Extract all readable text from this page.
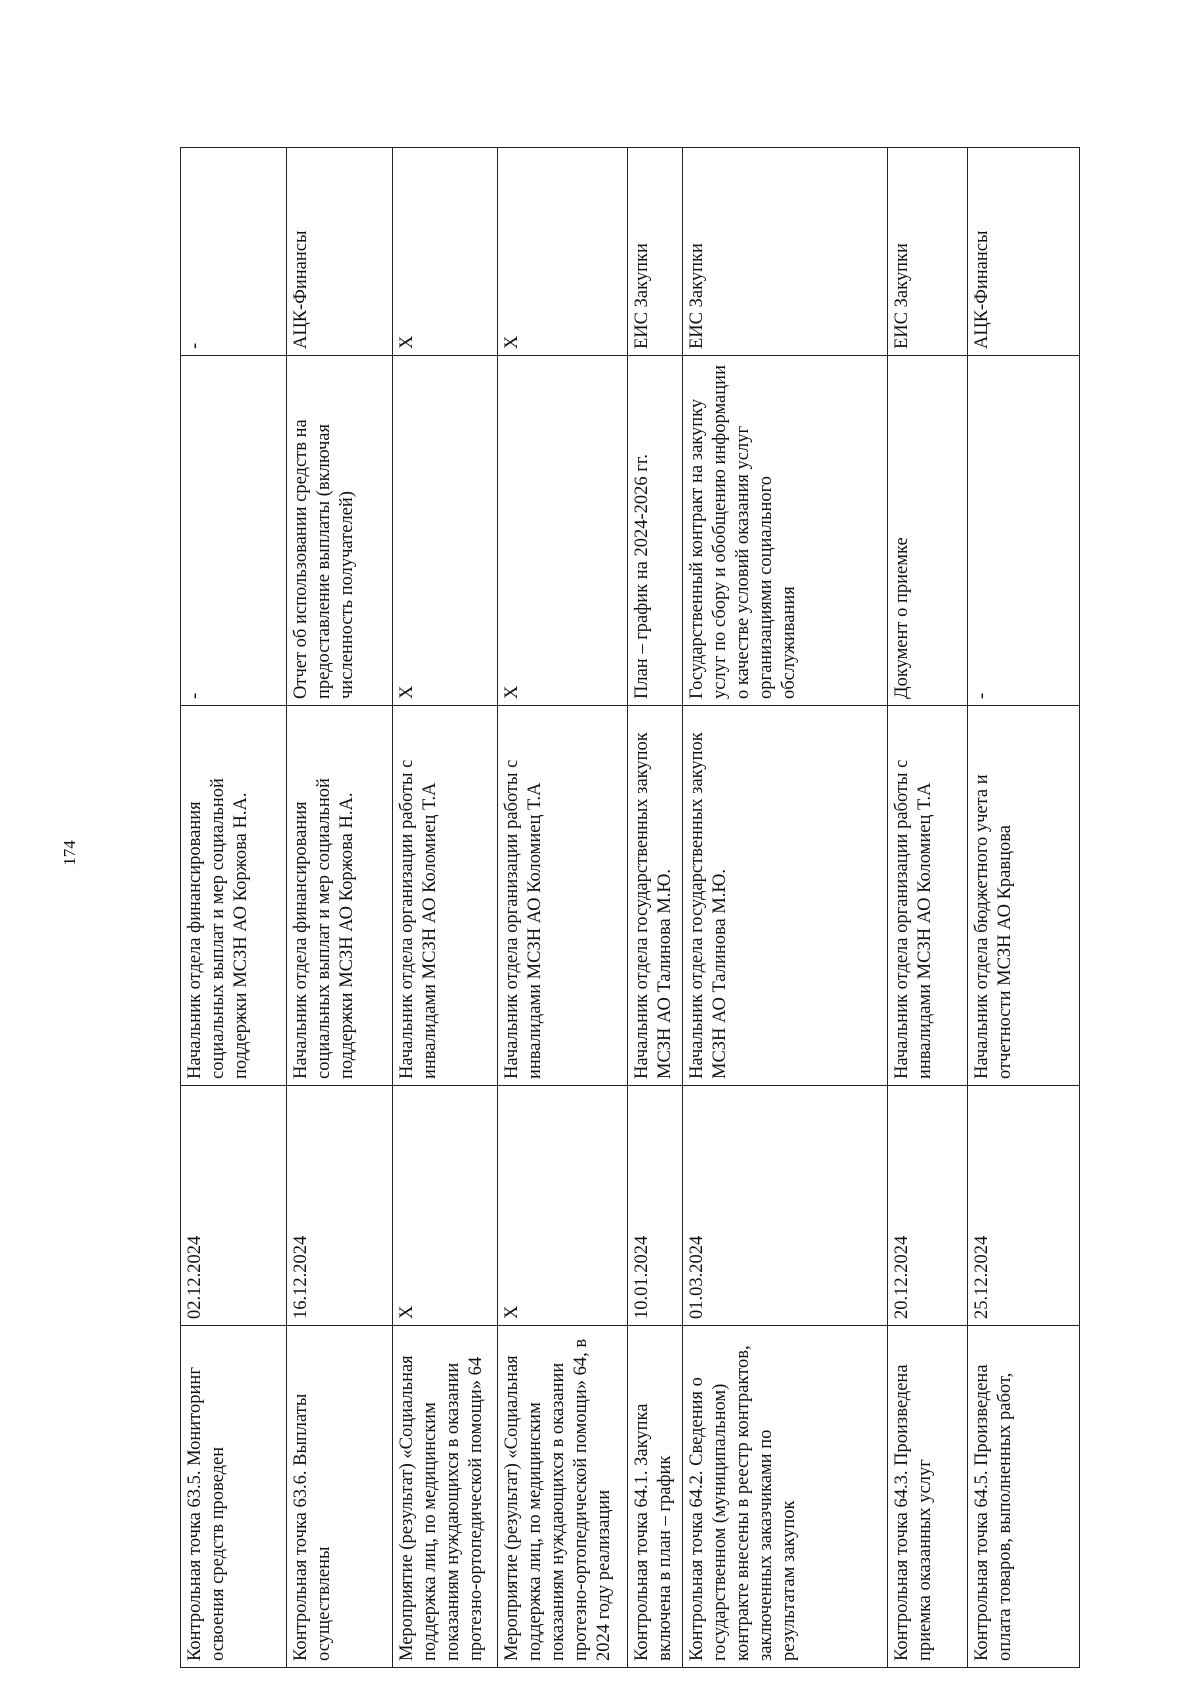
174
Контрольная точка 63.5. Мониторинг освоения средств проведен	02.12.2024	Начальник отдела финансирования социальных выплат и мер социальной поддержки МСЗН АО Коржова Н.А.	-	-
Контрольная точка 63.6. Выплаты осуществлены	16.12.2024	Начальник отдела финансирования социальных выплат и мер социальной поддержки МСЗН АО Коржова Н.А.	Отчет об использовании средств на предоставление выплаты (включая численность получателей)	АЦК-Финансы
Мероприятие (результат) «Социальная поддержка лиц, по медицинским показаниям нуждающихся в оказании протезно-ортопедической помощи» 64	Х	Начальник отдела организации работы с инвалидами МСЗН АО Коломиец Т.А	Х	Х
Мероприятие (результат) «Социальная поддержка лиц, по медицинским показаниям нуждающихся в оказании протезно-ортопедической помощи» 64, в 2024 году реализации	Х	Начальник отдела организации работы с инвалидами МСЗН АО Коломиец Т.А	Х	Х
Контрольная точка 64.1. Закупка включена в план – график	10.01.2024	Начальник отдела государственных закупок МСЗН АО Талинова М.Ю.	План – график на 2024-2026 гг.	ЕИС Закупки
Контрольная точка 64.2. Сведения о государственном (муниципальном) контракте внесены в реестр контрактов, заключенных заказчиками по результатам закупок	01.03.2024	Начальник отдела государственных закупок МСЗН АО Талинова М.Ю.	Государственный контракт на закупку услуг по сбору и обобщению информации о качестве условий оказания услуг организациями социального обслуживания	ЕИС Закупки
Контрольная точка 64.3. Произведена приемка оказанных услуг	20.12.2024	Начальник отдела организации работы с инвалидами МСЗН АО Коломиец Т.А	Документ о приемке	ЕИС Закупки
Контрольная точка 64.5. Произведена оплата товаров, выполненных работ,	25.12.2024	Начальник отдела бюджетного учета и отчетности МСЗН АО Кравцова	-	АЦК-Финансы
